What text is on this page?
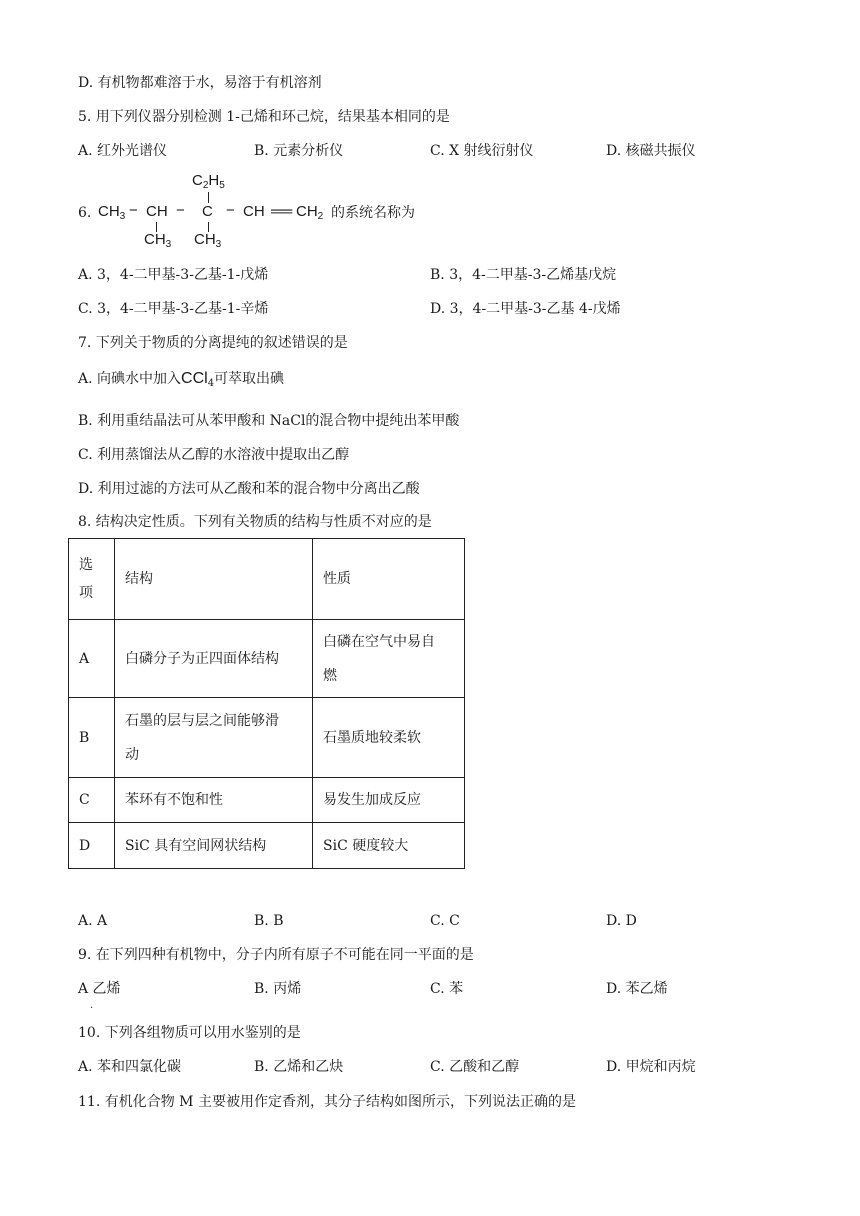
D. 有机物都难溶于水，易溶于有机溶剂
5. 用下列仪器分别检测 1-己烯和环己烷，结果基本相同的是
A. 红外光谱仪	B. 元素分析仪	C. X 射线衍射仪	D. 核磁共振仪
6.
$C_2H_5$
$CH_3$ − CH − C − CH ══ $CH_2$
$CH_3$ $CH_3$
的系统名称为
A. 3，4-二甲基-3-乙基-1-戊烯	B. 3，4-二甲基-3-乙烯基戊烷
C. 3，4-二甲基-3-乙基-1-辛烯	D. 3，4-二甲基-3-乙基 4-戊烯
7. 下列关于物质的分离提纯的叙述错误的是
A. 向碘水中加入CCl$_4$可萃取出碘
B. 利用重结晶法可从苯甲酸和 NaCl的混合物中提纯出苯甲酸
C. 利用蒸馏法从乙醇的水溶液中提取出乙醇
D. 利用过滤的方法可从乙酸和苯的混合物中分离出乙酸
8. 结构决定性质。下列有关物质的结构与性质不对应的是
选
项	结构	性质
A	白磷分子为正四面体结构	白磷在空气中易自
燃
B	石墨的层与层之间能够滑
动	石墨质地较柔软
C	苯环有不饱和性	易发生加成反应
D	SiC 具有空间网状结构	SiC 硬度较大
A. A	B. B	C. C	D. D
9. 在下列四种有机物中，分子内所有原子不可能在同一平面的是
A 乙烯
.
B. 丙烯	C. 苯	D. 苯乙烯
10. 下列各组物质可以用水鉴别的是
A. 苯和四氯化碳	B. 乙烯和乙炔	C. 乙酸和乙醇	D. 甲烷和丙烷
11. 有机化合物 M 主要被用作定香剂，其分子结构如图所示，下列说法正确的是
